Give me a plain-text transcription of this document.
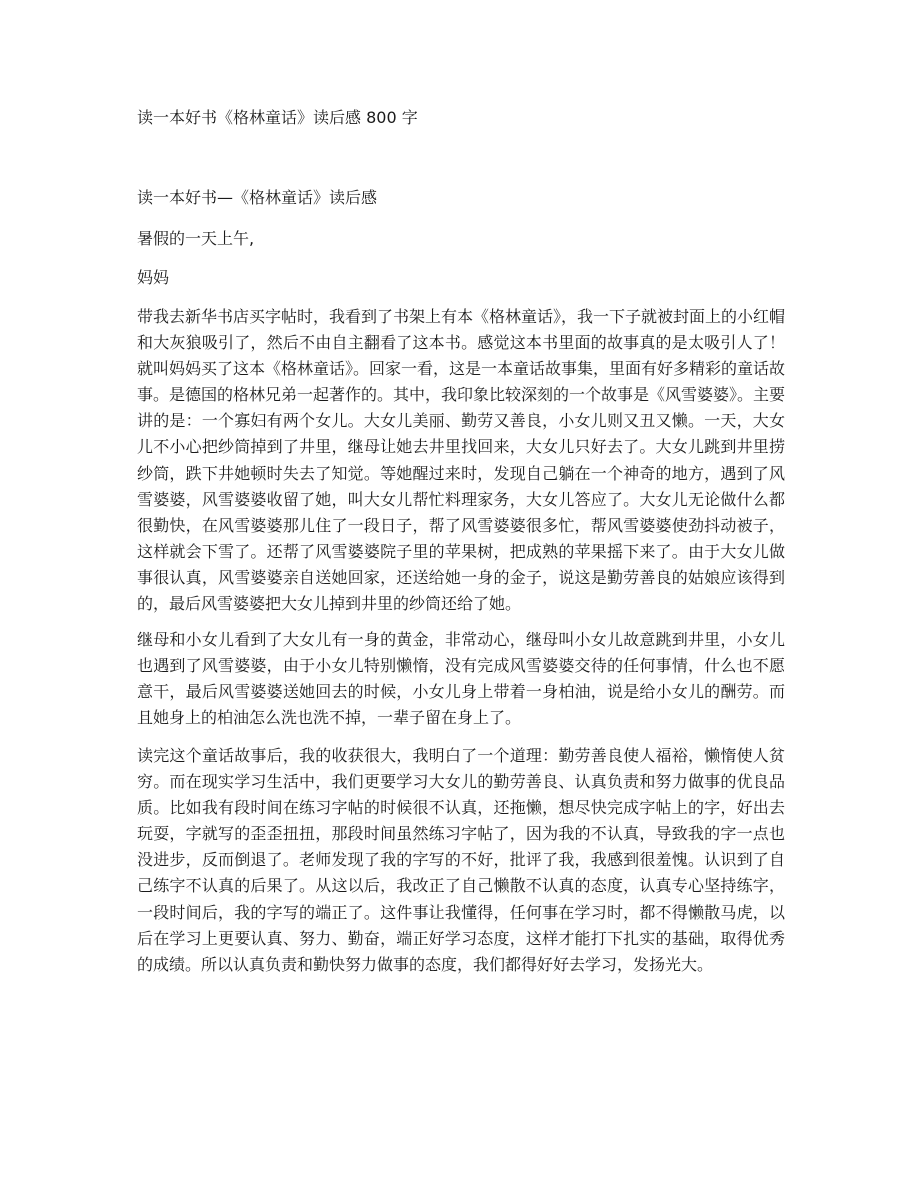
读一本好书《格林童话》读后感 800 字

读一本好书—《格林童话》读后感

暑假的一天上午,

妈妈

带我去新华书店买字帖时，我看到了书架上有本《格林童话》，我一下子就被封面上的小红帽和大灰狼吸引了，然后不由自主翻看了这本书。感觉这本书里面的故事真的是太吸引人了！就叫妈妈买了这本《格林童话》。回家一看，这是一本童话故事集，里面有好多精彩的童话故事。是德国的格林兄弟一起著作的。其中，我印象比较深刻的一个故事是《风雪婆婆》。主要讲的是：一个寡妇有两个女儿。大女儿美丽、勤劳又善良，小女儿则又丑又懒。一天，大女儿不小心把纱筒掉到了井里，继母让她去井里找回来，大女儿只好去了。大女儿跳到井里捞纱筒，跌下井她顿时失去了知觉。等她醒过来时，发现自己躺在一个神奇的地方，遇到了风雪婆婆，风雪婆婆收留了她，叫大女儿帮忙料理家务，大女儿答应了。大女儿无论做什么都很勤快，在风雪婆婆那儿住了一段日子，帮了风雪婆婆很多忙，帮风雪婆婆使劲抖动被子，这样就会下雪了。还帮了风雪婆婆院子里的苹果树，把成熟的苹果摇下来了。由于大女儿做事很认真，风雪婆婆亲自送她回家，还送给她一身的金子，说这是勤劳善良的姑娘应该得到的，最后风雪婆婆把大女儿掉到井里的纱筒还给了她。

继母和小女儿看到了大女儿有一身的黄金，非常动心，继母叫小女儿故意跳到井里，小女儿也遇到了风雪婆婆，由于小女儿特别懒惰，没有完成风雪婆婆交待的任何事情，什么也不愿意干，最后风雪婆婆送她回去的时候，小女儿身上带着一身柏油，说是给小女儿的酬劳。而且她身上的柏油怎么洗也洗不掉，一辈子留在身上了。

读完这个童话故事后，我的收获很大，我明白了一个道理：勤劳善良使人福裕，懒惰使人贫穷。而在现实学习生活中，我们更要学习大女儿的勤劳善良、认真负责和努力做事的优良品质。比如我有段时间在练习字帖的时候很不认真，还拖懒，想尽快完成字帖上的字，好出去玩耍，字就写的歪歪扭扭，那段时间虽然练习字帖了，因为我的不认真，导致我的字一点也没进步，反而倒退了。老师发现了我的字写的不好，批评了我，我感到很羞愧。认识到了自己练字不认真的后果了。从这以后，我改正了自己懒散不认真的态度，认真专心坚持练字，一段时间后，我的字写的端正了。这件事让我懂得，任何事在学习时，都不得懒散马虎，以后在学习上更要认真、努力、勤奋，端正好学习态度，这样才能打下扎实的基础，取得优秀的成绩。所以认真负责和勤快努力做事的态度，我们都得好好去学习，发扬光大。
